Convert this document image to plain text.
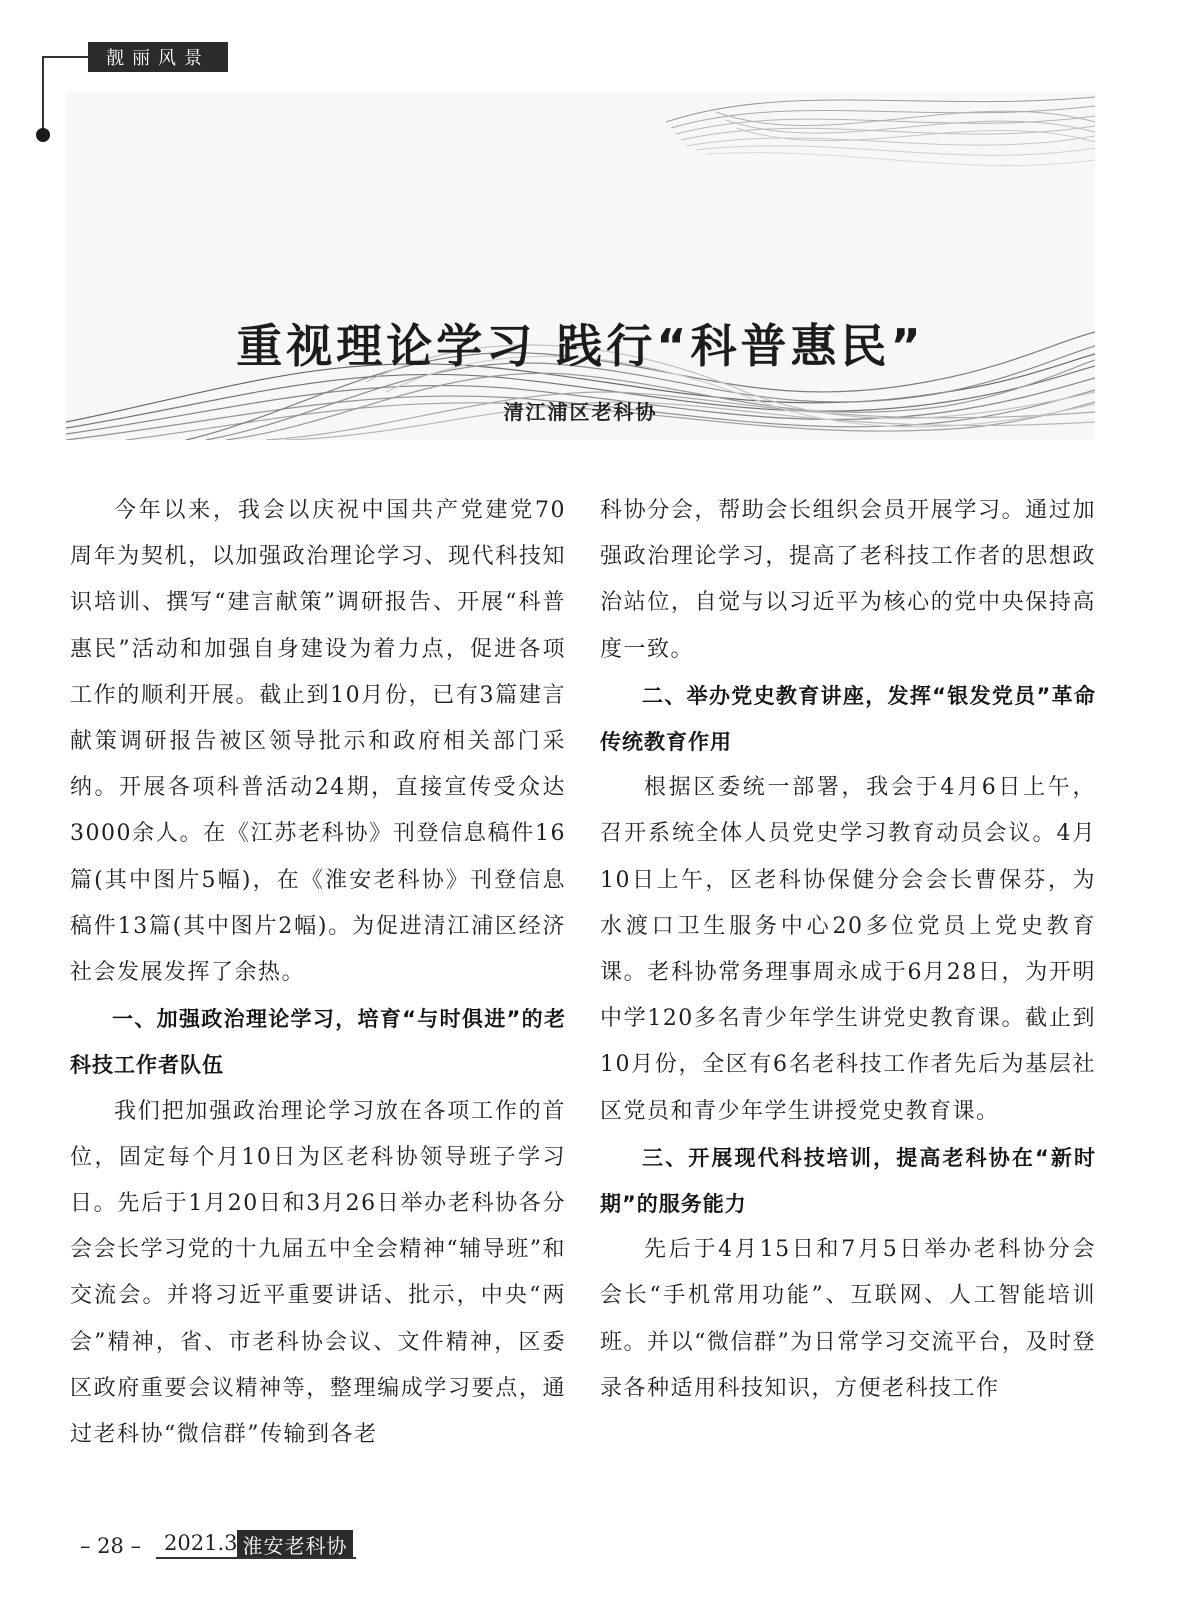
靓丽风景
重视理论学习 践行“科普惠民”
清江浦区老科协

今年以来，我会以庆祝中国共产党建党70周年为契机，以加强政治理论学习、现代科技知识培训、撰写“建言献策”调研报告、开展“科普惠民”活动和加强自身建设为着力点，促进各项工作的顺利开展。截止到10月份，已有3篇建言献策调研报告被区领导批示和政府相关部门采纳。开展各项科普活动24期，直接宣传受众达3000余人。在《江苏老科协》刊登信息稿件16篇(其中图片5幅)，在《淮安老科协》刊登信息稿件13篇(其中图片2幅)。为促进清江浦区经济社会发展发挥了余热。

一、加强政治理论学习，培育“与时俱进”的老科技工作者队伍

我们把加强政治理论学习放在各项工作的首位，固定每个月10日为区老科协领导班子学习日。先后于1月20日和3月26日举办老科协各分会会长学习党的十九届五中全会精神“辅导班”和交流会。并将习近平重要讲话、批示，中央“两会”精神，省、市老科协会议、文件精神，区委区政府重要会议精神等，整理编成学习要点，通过老科协“微信群”传输到各老

科协分会，帮助会长组织会员开展学习。通过加强政治理论学习，提高了老科技工作者的思想政治站位，自觉与以习近平为核心的党中央保持高度一致。

二、举办党史教育讲座，发挥“银发党员”革命传统教育作用

根据区委统一部署，我会于4月6日上午，召开系统全体人员党史学习教育动员会议。4月10日上午，区老科协保健分会会长曹保芬，为水渡口卫生服务中心20多位党员上党史教育课。老科协常务理事周永成于6月28日，为开明中学120多名青少年学生讲党史教育课。截止到10月份，全区有6名老科技工作者先后为基层社区党员和青少年学生讲授党史教育课。

三、开展现代科技培训，提高老科协在“新时期”的服务能力

先后于4月15日和7月5日举办老科协分会会长“手机常用功能”、互联网、人工智能培训班。并以“微信群”为日常学习交流平台，及时登录各种适用科技知识，方便老科技工作

– 28 – 2021.3 淮安老科协
